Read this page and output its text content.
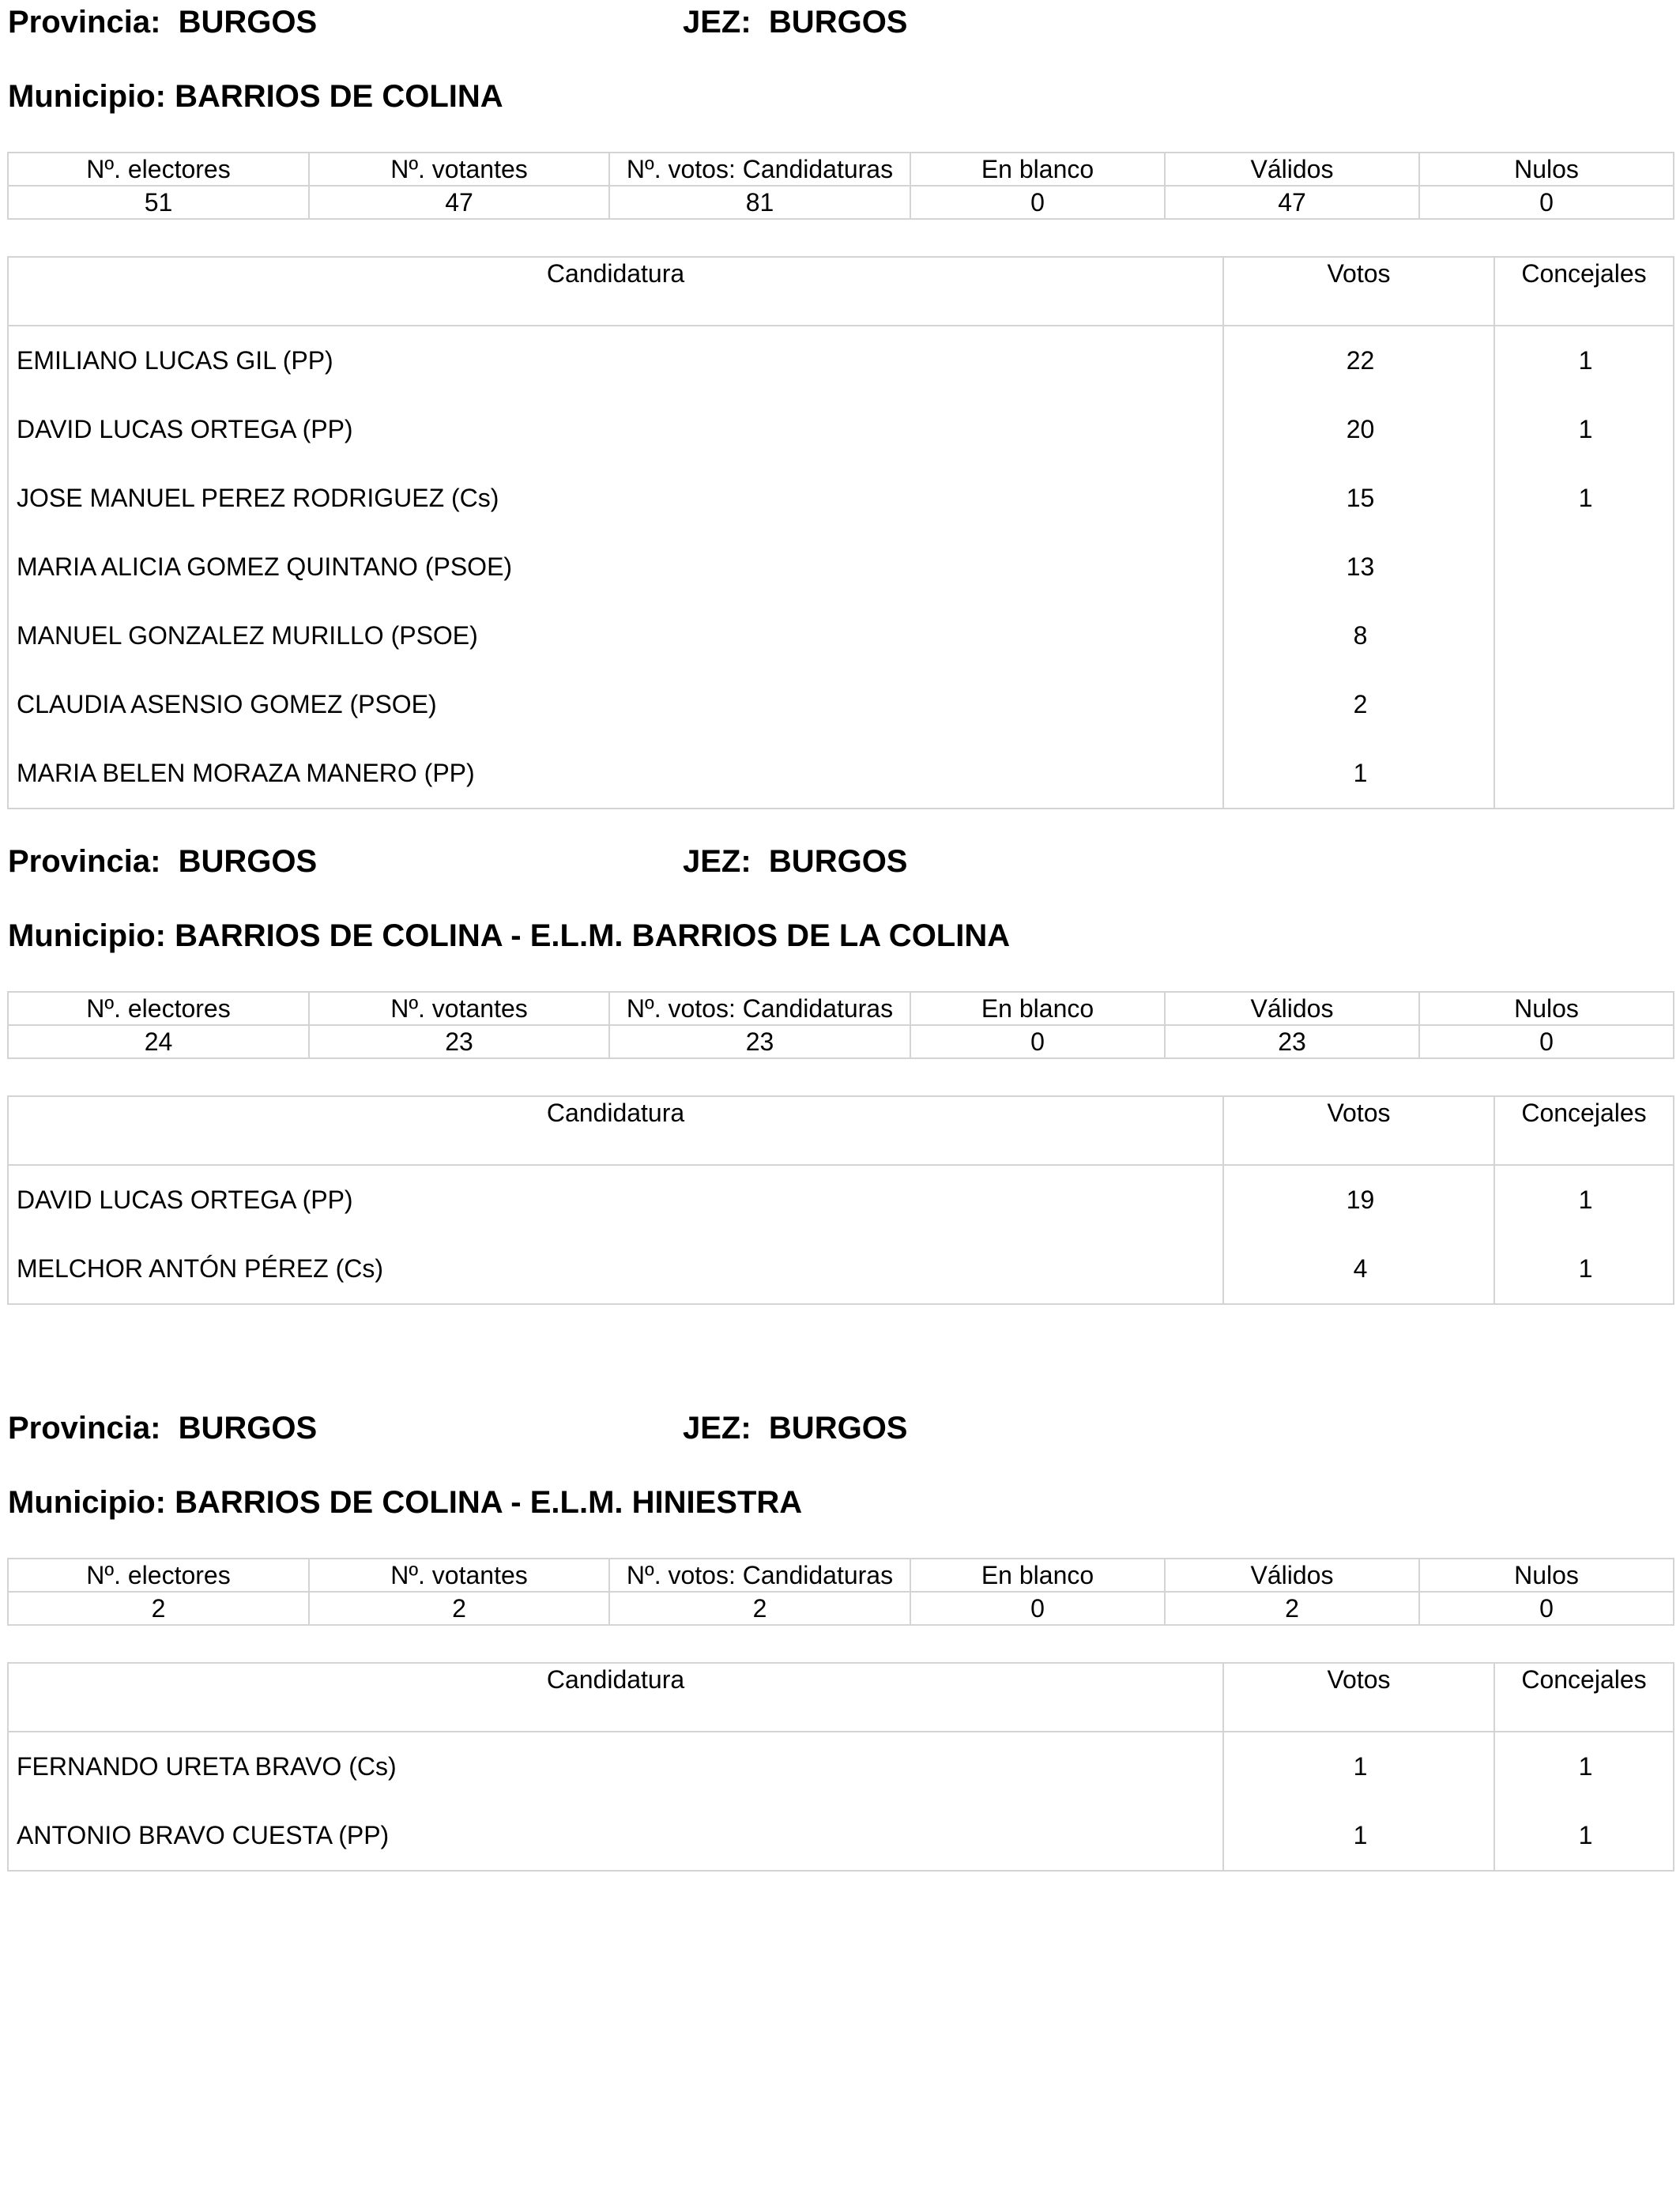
Provincia: BURGOS	JEZ: BURGOS
Municipio: BARRIOS DE COLINA
Nº. electores	Nº. votantes	Nº. votos: Candidaturas	En blanco	Válidos	Nulos
51	47	81	0	47	0
Candidatura	Votos	Concejales
EMILIANO LUCAS GIL (PP)	22	1
DAVID LUCAS ORTEGA (PP)	20	1
JOSE MANUEL PEREZ RODRIGUEZ (Cs)	15	1
MARIA ALICIA GOMEZ QUINTANO (PSOE)	13	
MANUEL GONZALEZ MURILLO (PSOE)	8	
CLAUDIA ASENSIO GOMEZ (PSOE)	2	
MARIA BELEN MORAZA MANERO (PP)	1	
Provincia: BURGOS	JEZ: BURGOS
Municipio: BARRIOS DE COLINA - E.L.M. BARRIOS DE LA COLINA
Nº. electores	Nº. votantes	Nº. votos: Candidaturas	En blanco	Válidos	Nulos
24	23	23	0	23	0
Candidatura	Votos	Concejales
DAVID LUCAS ORTEGA (PP)	19	1
MELCHOR ANTÓN PÉREZ (Cs)	4	1
Provincia: BURGOS	JEZ: BURGOS
Municipio: BARRIOS DE COLINA - E.L.M. HINIESTRA
Nº. electores	Nº. votantes	Nº. votos: Candidaturas	En blanco	Válidos	Nulos
2	2	2	0	2	0
Candidatura	Votos	Concejales
FERNANDO URETA BRAVO (Cs)	1	1
ANTONIO BRAVO CUESTA (PP)	1	1
